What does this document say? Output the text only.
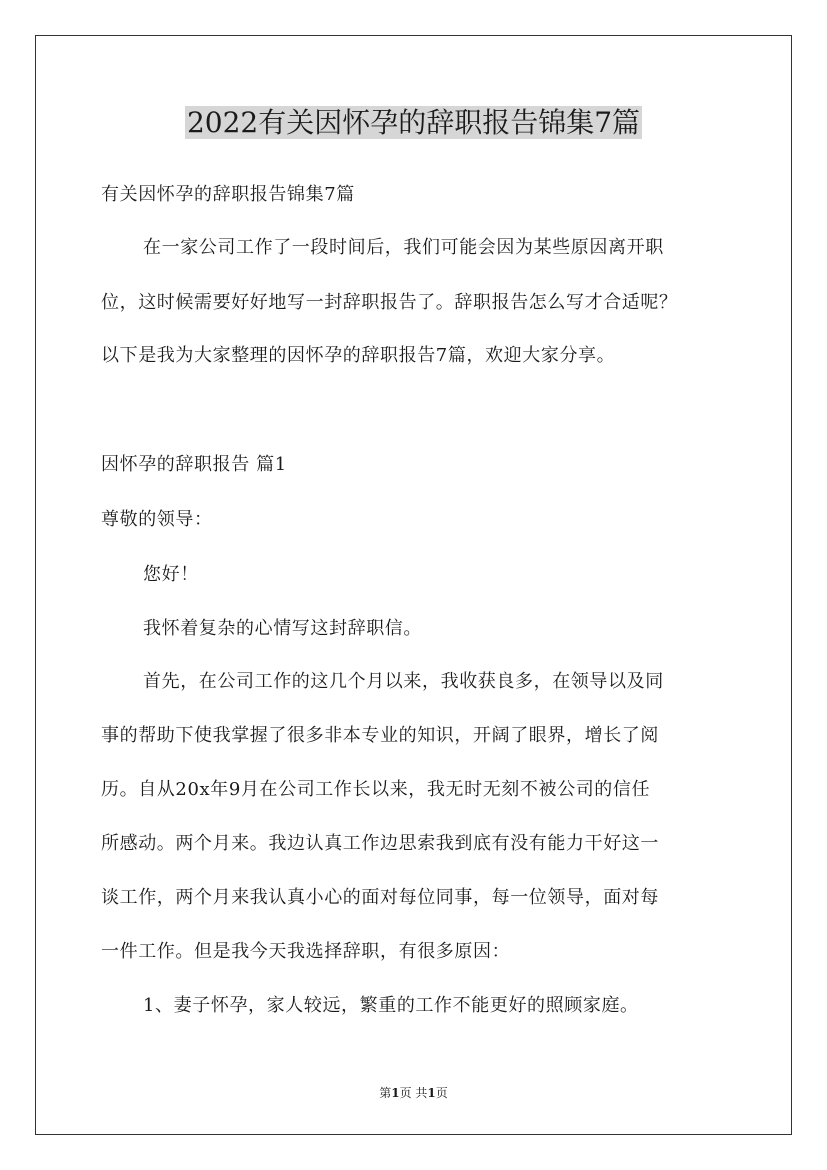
2022有关因怀孕的辞职报告锦集7篇
有关因怀孕的辞职报告锦集7篇
在一家公司工作了一段时间后，我们可能会因为某些原因离开职
位，这时候需要好好地写一封辞职报告了。辞职报告怎么写才合适呢？
以下是我为大家整理的因怀孕的辞职报告7篇，欢迎大家分享。
因怀孕的辞职报告 篇1
尊敬的领导：
您好！
我怀着复杂的心情写这封辞职信。
首先，在公司工作的这几个月以来，我收获良多，在领导以及同
事的帮助下使我掌握了很多非本专业的知识，开阔了眼界，增长了阅
历。自从20x年9月在公司工作长以来，我无时无刻不被公司的信任
所感动。两个月来。我边认真工作边思索我到底有没有能力干好这一
谈工作，两个月来我认真小心的面对每位同事，每一位领导，面对每
一件工作。但是我今天我选择辞职，有很多原因：
1、妻子怀孕，家人较远，繁重的工作不能更好的照顾家庭。
第1页 共1页
